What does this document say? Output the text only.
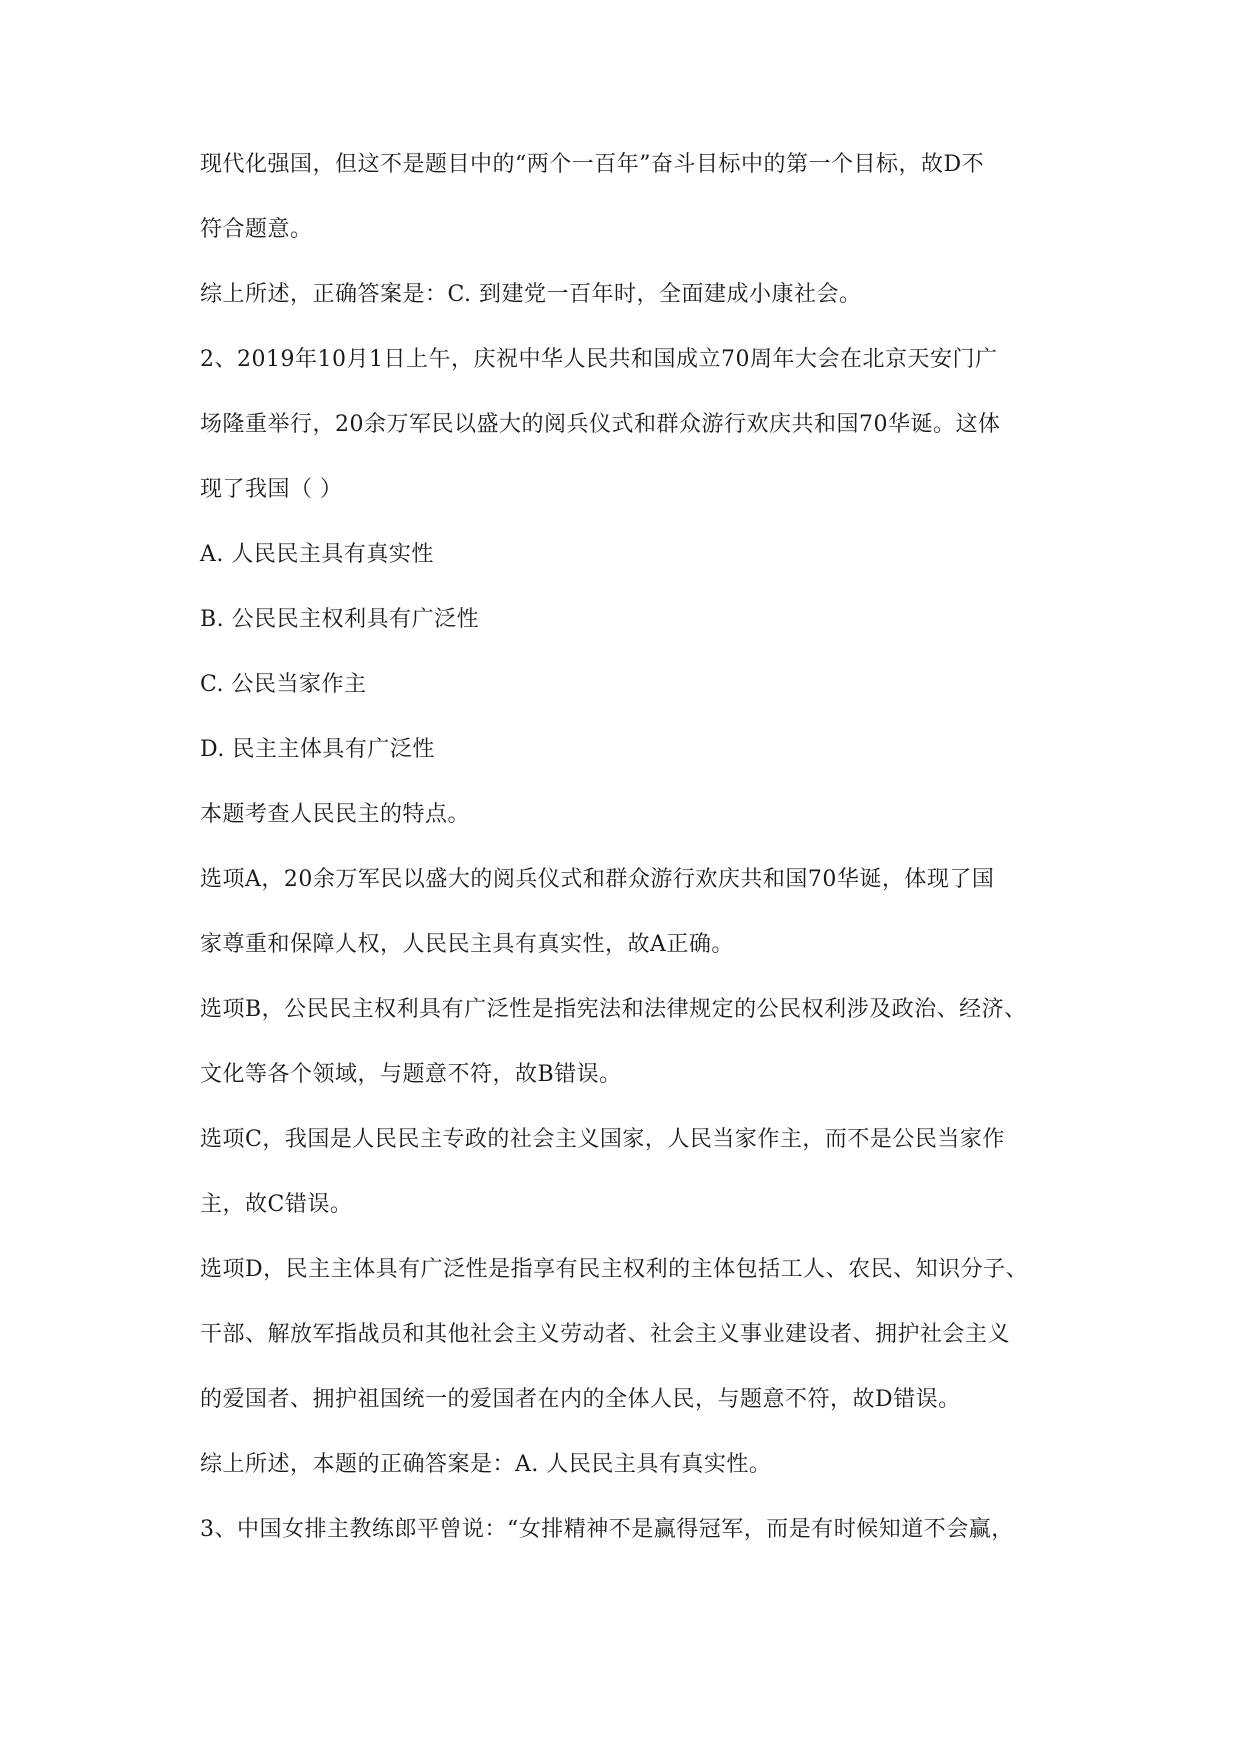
现代化强国，但这不是题目中的“两个一百年”奋斗目标中的第一个目标，故D不
符合题意。
综上所述，正确答案是：C. 到建党一百年时，全面建成小康社会。
2、2019年10月1日上午，庆祝中华人民共和国成立70周年大会在北京天安门广
场隆重举行，20余万军民以盛大的阅兵仪式和群众游行欢庆共和国70华诞。这体
现了我国（ ）
A. 人民民主具有真实性
B. 公民民主权利具有广泛性
C. 公民当家作主
D. 民主主体具有广泛性
本题考查人民民主的特点。
选项A，20余万军民以盛大的阅兵仪式和群众游行欢庆共和国70华诞，体现了国
家尊重和保障人权，人民民主具有真实性，故A正确。
选项B，公民民主权利具有广泛性是指宪法和法律规定的公民权利涉及政治、经济、
文化等各个领域，与题意不符，故B错误。
选项C，我国是人民民主专政的社会主义国家，人民当家作主，而不是公民当家作
主，故C错误。
选项D，民主主体具有广泛性是指享有民主权利的主体包括工人、农民、知识分子、
干部、解放军指战员和其他社会主义劳动者、社会主义事业建设者、拥护社会主义
的爱国者、拥护祖国统一的爱国者在内的全体人民，与题意不符，故D错误。
综上所述，本题的正确答案是：A. 人民民主具有真实性。
3、中国女排主教练郎平曾说：“女排精神不是赢得冠军，而是有时候知道不会赢，
